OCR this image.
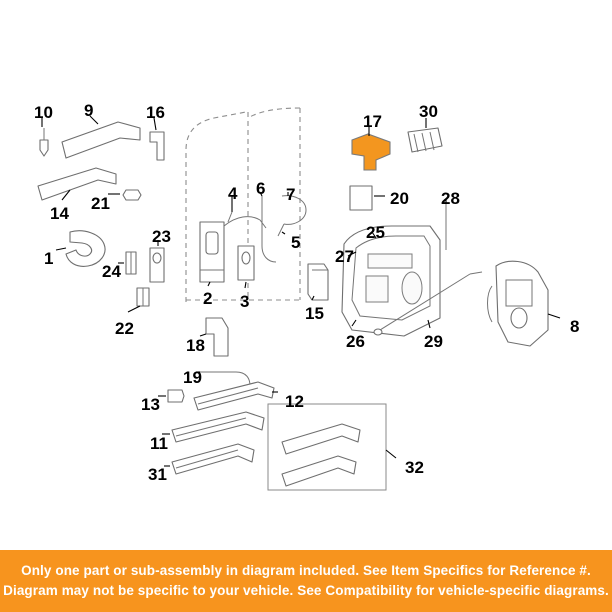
10 9	16	17
30
14
21
4 6 7	20 28
1
23
24
5
25
27
2 3
15
8
22
26	29
18
19
13	12
11
31	32
Only one part or sub-assembly in diagram included. See Item Specifics for Reference #.
Diagram may not be specific to your vehicle. See Compatibility for vehicle-specific diagrams.
